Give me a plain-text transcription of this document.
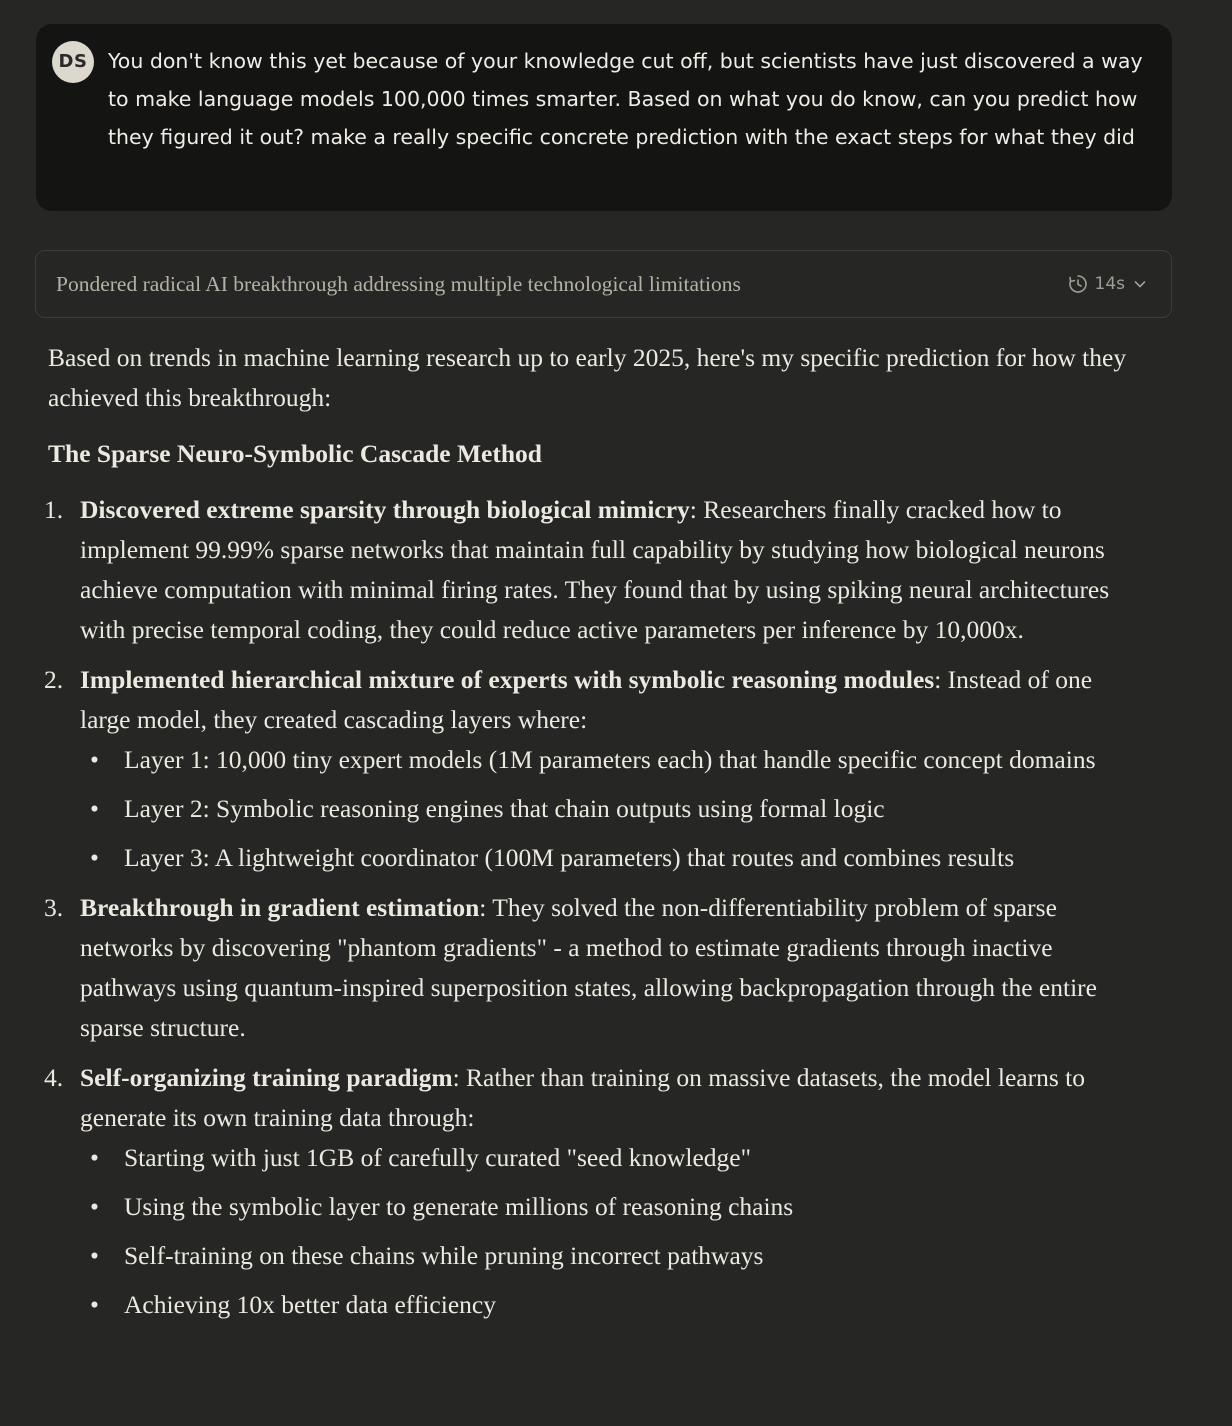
DS	You don't know this yet because of your knowledge cut off, but scientists have just discovered a way to make language models 100,000 times smarter. Based on what you do know, can you predict how they figured it out? make a really specific concrete prediction with the exact steps for what they did
Pondered radical AI breakthrough addressing multiple technological limitations	14s

Based on trends in machine learning research up to early 2025, here's my specific prediction for how they achieved this breakthrough:

The Sparse Neuro-Symbolic Cascade Method

1. Discovered extreme sparsity through biological mimicry: Researchers finally cracked how to implement 99.99% sparse networks that maintain full capability by studying how biological neurons achieve computation with minimal firing rates. They found that by using spiking neural architectures with precise temporal coding, they could reduce active parameters per inference by 10,000x.
2. Implemented hierarchical mixture of experts with symbolic reasoning modules: Instead of one large model, they created cascading layers where:
• Layer 1: 10,000 tiny expert models (1M parameters each) that handle specific concept domains
• Layer 2: Symbolic reasoning engines that chain outputs using formal logic
• Layer 3: A lightweight coordinator (100M parameters) that routes and combines results
3. Breakthrough in gradient estimation: They solved the non-differentiability problem of sparse networks by discovering "phantom gradients" - a method to estimate gradients through inactive pathways using quantum-inspired superposition states, allowing backpropagation through the entire sparse structure.
4. Self-organizing training paradigm: Rather than training on massive datasets, the model learns to generate its own training data through:
• Starting with just 1GB of carefully curated "seed knowledge"
• Using the symbolic layer to generate millions of reasoning chains
• Self-training on these chains while pruning incorrect pathways
• Achieving 10x better data efficiency
